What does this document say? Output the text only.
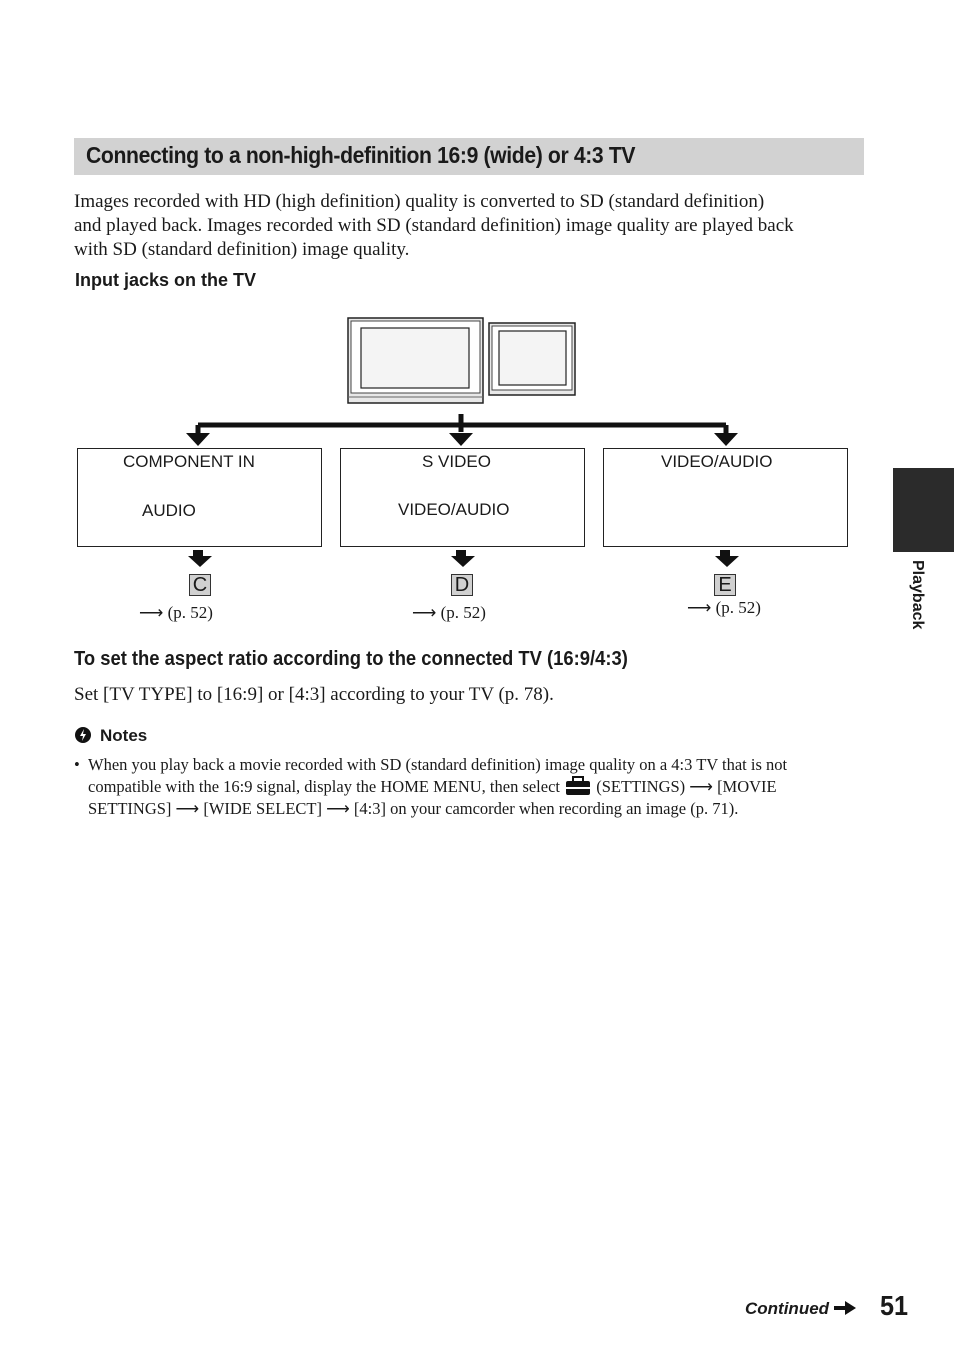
Connecting to a non-high-definition 16:9 (wide) or 4:3 TV
Images recorded with HD (high definition) quality is converted to SD (standard definition)
and played back. Images recorded with SD (standard definition) image quality are played back
with SD (standard definition) image quality.
Input jacks on the TV
COMPONENT IN
AUDIO
S VIDEO
VIDEO/AUDIO
VIDEO/AUDIO
C	D	E
⟶ (p. 52)	⟶ (p. 52)	⟶ (p. 52)
To set the aspect ratio according to the connected TV (16:9/4:3)
Set [TV TYPE] to [16:9] or [4:3] according to your TV (p. 78).
Notes
• When you play back a movie recorded with SD (standard definition) image quality on a 4:3 TV that is not
compatible with the 16:9 signal, display the HOME MENU, then select (SETTINGS) ⟶ [MOVIE
SETTINGS] ⟶ [WIDE SELECT] ⟶ [4:3] on your camcorder when recording an image (p. 71).
Playback
Continued	51
